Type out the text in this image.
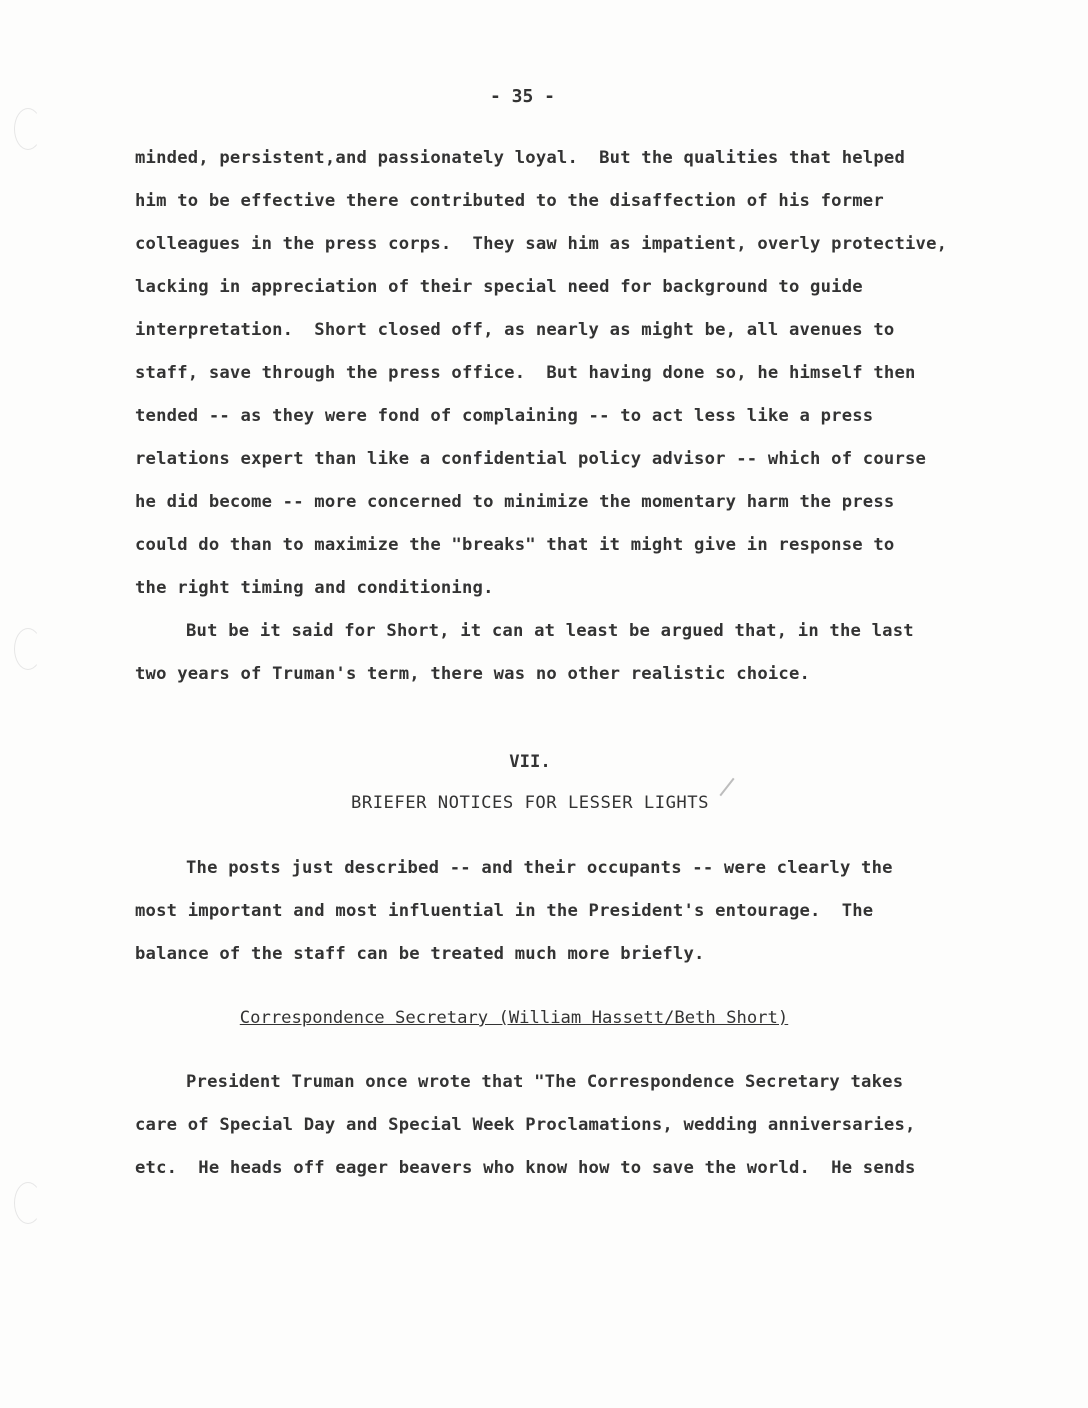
- 35 -
minded, persistent,and passionately loyal.  But the qualities that helped
him to be effective there contributed to the disaffection of his former
colleagues in the press corps.  They saw him as impatient, overly protective,
lacking in appreciation of their special need for background to guide
interpretation.  Short closed off, as nearly as might be, all avenues to
staff, save through the press office.  But having done so, he himself then
tended -- as they were fond of complaining -- to act less like a press
relations expert than like a confidential policy advisor -- which of course
he did become -- more concerned to minimize the momentary harm the press
could do than to maximize the "breaks" that it might give in response to
the right timing and conditioning.
But be it said for Short, it can at least be argued that, in the last
two years of Truman's term, there was no other realistic choice.
VII.
BRIEFER NOTICES FOR LESSER LIGHTS
The posts just described -- and their occupants -- were clearly the
most important and most influential in the President's entourage.  The
balance of the staff can be treated much more briefly.
Correspondence Secretary (William Hassett/Beth Short)
President Truman once wrote that "The Correspondence Secretary takes
care of Special Day and Special Week Proclamations, wedding anniversaries,
etc.  He heads off eager beavers who know how to save the world.  He sends
